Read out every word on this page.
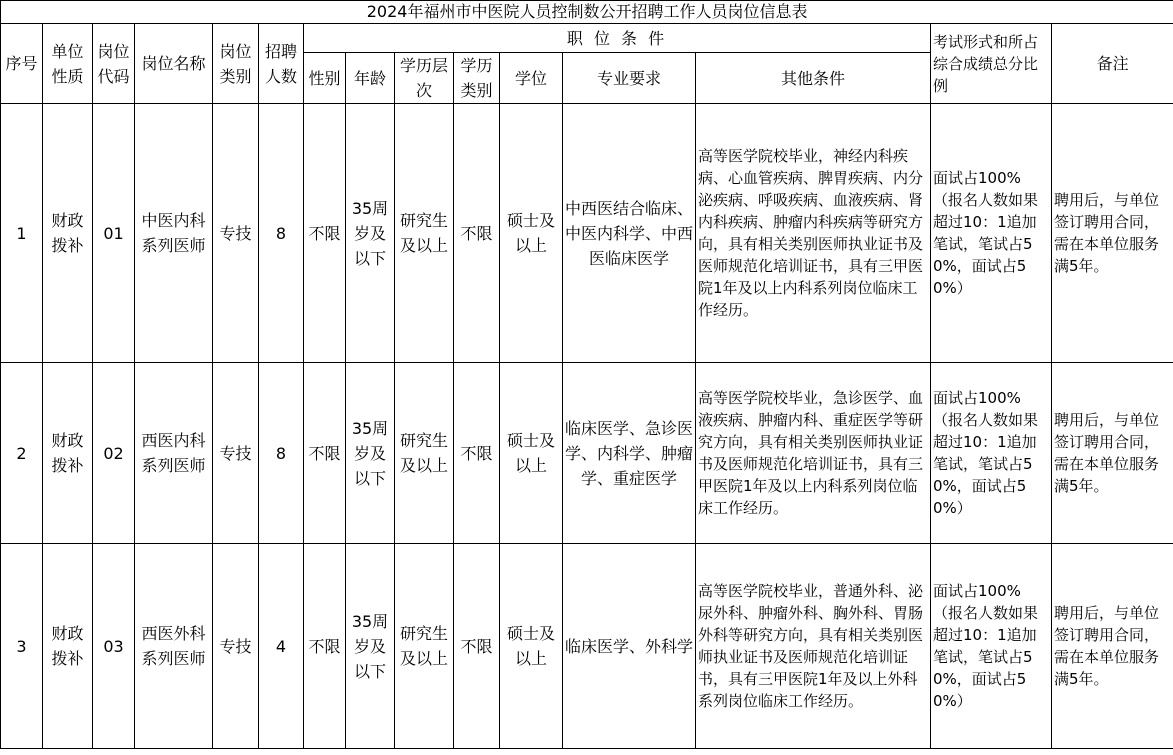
2024年福州市中医院人员控制数公开招聘工作人员岗位信息表														
序号	单位性质	岗位代码	岗位名称	岗位类别	招聘人数	职 位 条 件							考试形式和所占综合成绩总分比例	备注
						性别	年龄	学历层次	学历类别	学位	专业要求	其他条件		
1	财政拨补	01	中医内科系列医师	专技	8	不限	35周岁及以下	研究生及以上	不限	硕士及以上	中西医结合临床、中医内科学、中西医临床医学	高等医学院校毕业，神经内科疾病、心血管疾病、脾胃疾病、内分泌疾病、呼吸疾病、血液疾病、肾内科疾病、肿瘤内科疾病等研究方向，具有相关类别医师执业证书及医师规范化培训证书，具有三甲医院1年及以上内科系列岗位临床工作经历。	面试占100%（报名人数如果超过10：1追加笔试，笔试占50%，面试占50%）	聘用后，与单位签订聘用合同，需在本单位服务满5年。
2	财政拨补	02	西医内科系列医师	专技	8	不限	35周岁及以下	研究生及以上	不限	硕士及以上	临床医学、急诊医学、内科学、肿瘤学、重症医学	高等医学院校毕业，急诊医学、血液疾病、肿瘤内科、重症医学等研究方向，具有相关类别医师执业证书及医师规范化培训证书，具有三甲医院1年及以上内科系列岗位临床工作经历。	面试占100%（报名人数如果超过10：1追加笔试，笔试占50%，面试占50%）	聘用后，与单位签订聘用合同，需在本单位服务满5年。
3	财政拨补	03	西医外科系列医师	专技	4	不限	35周岁及以下	研究生及以上	不限	硕士及以上	临床医学、外科学	高等医学院校毕业，普通外科、泌尿外科、肿瘤外科、胸外科、胃肠外科等研究方向，具有相关类别医师执业证书及医师规范化培训证书，具有三甲医院1年及以上外科系列岗位临床工作经历。	面试占100%（报名人数如果超过10：1追加笔试，笔试占50%，面试占50%）	聘用后，与单位签订聘用合同，需在本单位服务满5年。
